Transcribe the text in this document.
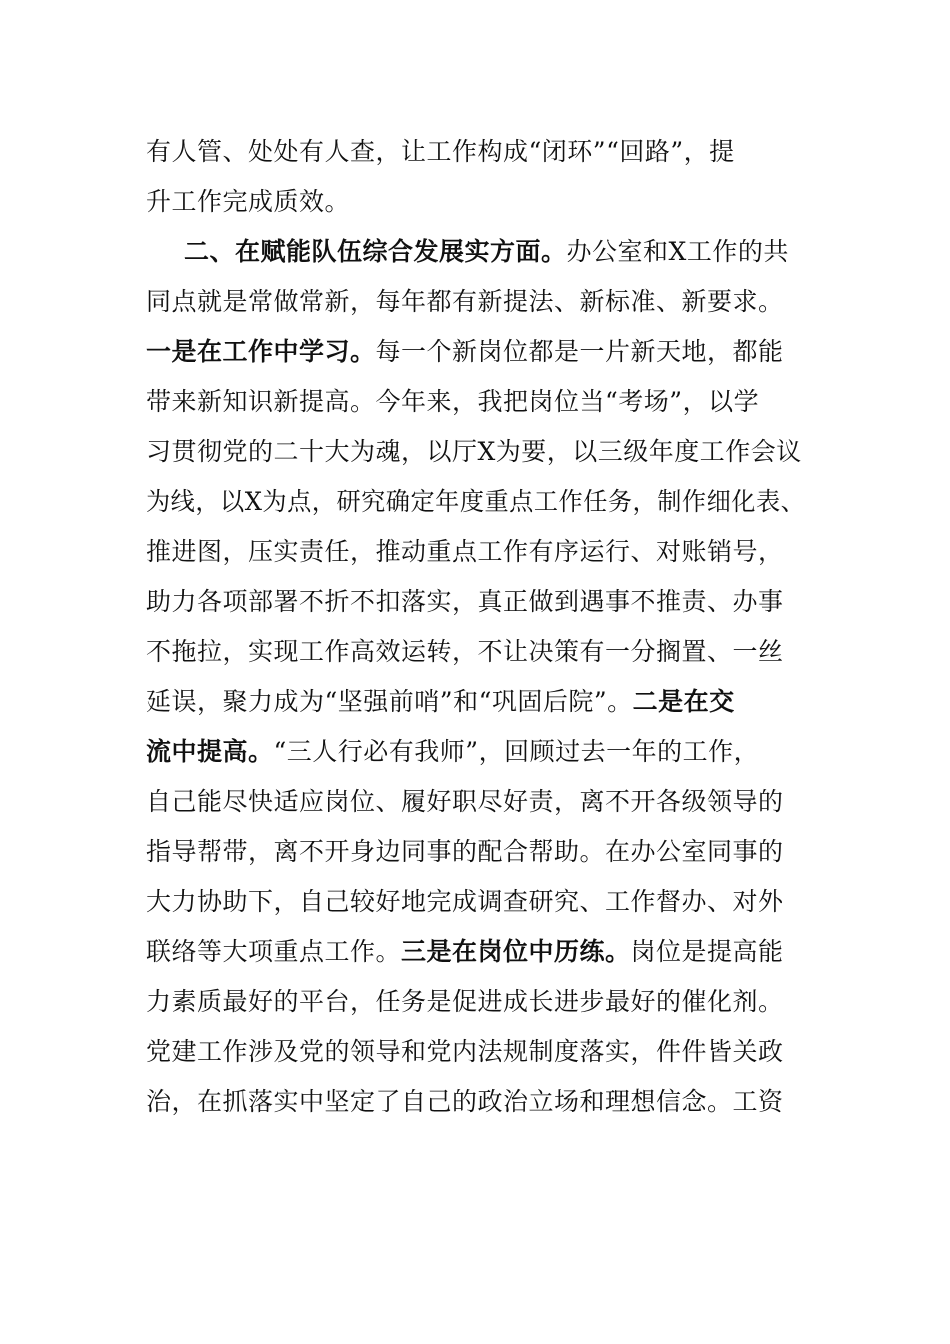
有人管、处处有人查，让工作构成“闭环”“回路”，提
升工作完成质效。
二、在赋能队伍综合发展实方面。办公室和X工作的共
同点就是常做常新，每年都有新提法、新标准、新要求。
一是在工作中学习。每一个新岗位都是一片新天地，都能
带来新知识新提高。今年来，我把岗位当“考场”，以学
习贯彻党的二十大为魂，以厅X为要，以三级年度工作会议
为线，以X为点，研究确定年度重点工作任务，制作细化表、
推进图，压实责任，推动重点工作有序运行、对账销号，
助力各项部署不折不扣落实，真正做到遇事不推责、办事
不拖拉，实现工作高效运转，不让决策有一分搁置、一丝
延误，聚力成为“坚强前哨”和“巩固后院”。二是在交
流中提高。“三人行必有我师”，回顾过去一年的工作，
自己能尽快适应岗位、履好职尽好责，离不开各级领导的
指导帮带，离不开身边同事的配合帮助。在办公室同事的
大力协助下，自己较好地完成调查研究、工作督办、对外
联络等大项重点工作。三是在岗位中历练。岗位是提高能
力素质最好的平台，任务是促进成长进步最好的催化剂。
党建工作涉及党的领导和党内法规制度落实，件件皆关政
治，在抓落实中坚定了自己的政治立场和理想信念。工资
